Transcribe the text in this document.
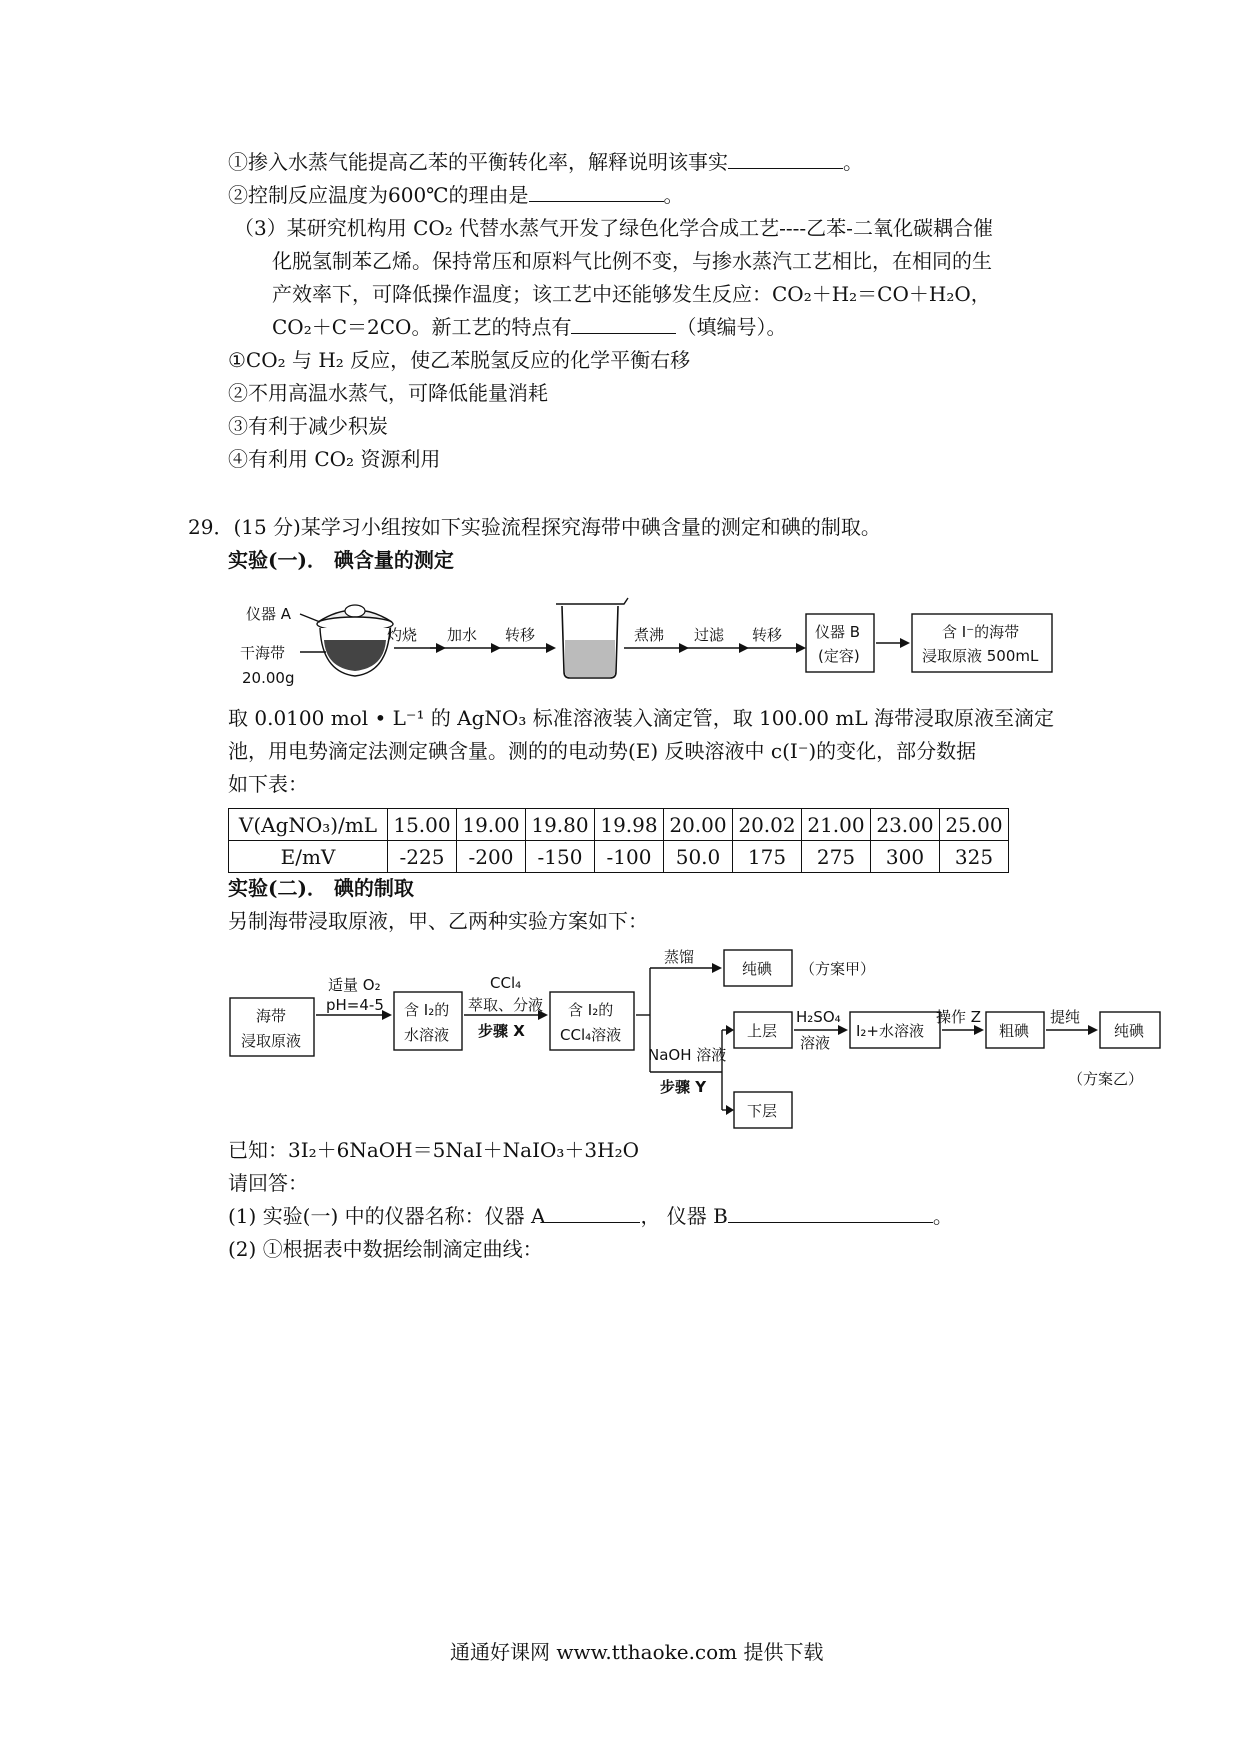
①掺入水蒸气能提高乙苯的平衡转化率，解释说明该事实	。
②控制反应温度为600℃的理由是	。
（3）某研究机构用 CO₂ 代替水蒸气开发了绿色化学合成工艺----乙苯-二氧化碳耦合催
化脱氢制苯乙烯。保持常压和原料气比例不变，与掺水蒸汽工艺相比，在相同的生
产效率下，可降低操作温度；该工艺中还能够发生反应：CO₂＋H₂＝CO＋H₂O，
CO₂＋C＝2CO。新工艺的特点有	（填编号）。
①CO₂ 与 H₂ 反应，使乙苯脱氢反应的化学平衡右移
②不用高温水蒸气，可降低能量消耗
③有利于减少积炭
④有利用 CO₂ 资源利用
29．(15 分)某学习小组按如下实验流程探究海带中碘含量的测定和碘的制取。
实验(一)． 碘含量的测定
仪器 A
干海带
20.00g
灼烧 加水 转移	煮沸 过滤 转移 仪器 B
(定容)
含 I⁻的海带
浸取原液 500mL
取 0.0100 mol • L⁻¹ 的 AgNO₃ 标准溶液装入滴定管，取 100.00 mL 海带浸取原液至滴定
池，用电势滴定法测定碘含量。测的的电动势(E) 反映溶液中 c(I⁻)的变化，部分数据
如下表：
V(AgNO₃)/mL	15.00	19.00	19.80	19.98	20.00	20.02	21.00	23.00	25.00
E/mV	-225	-200	-150	-100	50.0	175	275	300	325
实验(二)． 碘的制取
另制海带浸取原液，甲、乙两种实验方案如下：
海带
浸取原液
适量 O₂
pH=4-5 含 I₂的
水溶液
CCl₄
萃取、分液
步骤 X
含 I₂的
CCl₄溶液
蒸馏
纯碘 （方案甲）
NaOH 溶液
步骤 Y
上层
H₂SO₄
溶液
I₂+水溶液
操作 Z
粗碘
提纯
纯碘
下层
（方案乙）
已知：3I₂＋6NaOH＝5NaI＋NaIO₃＋3H₂O
请回答：
(1) 实验(一) 中的仪器名称：仪器 A	， 仪器 B	。
(2) ①根据表中数据绘制滴定曲线：
通通好课网 www.tthaoke.com 提供下载
